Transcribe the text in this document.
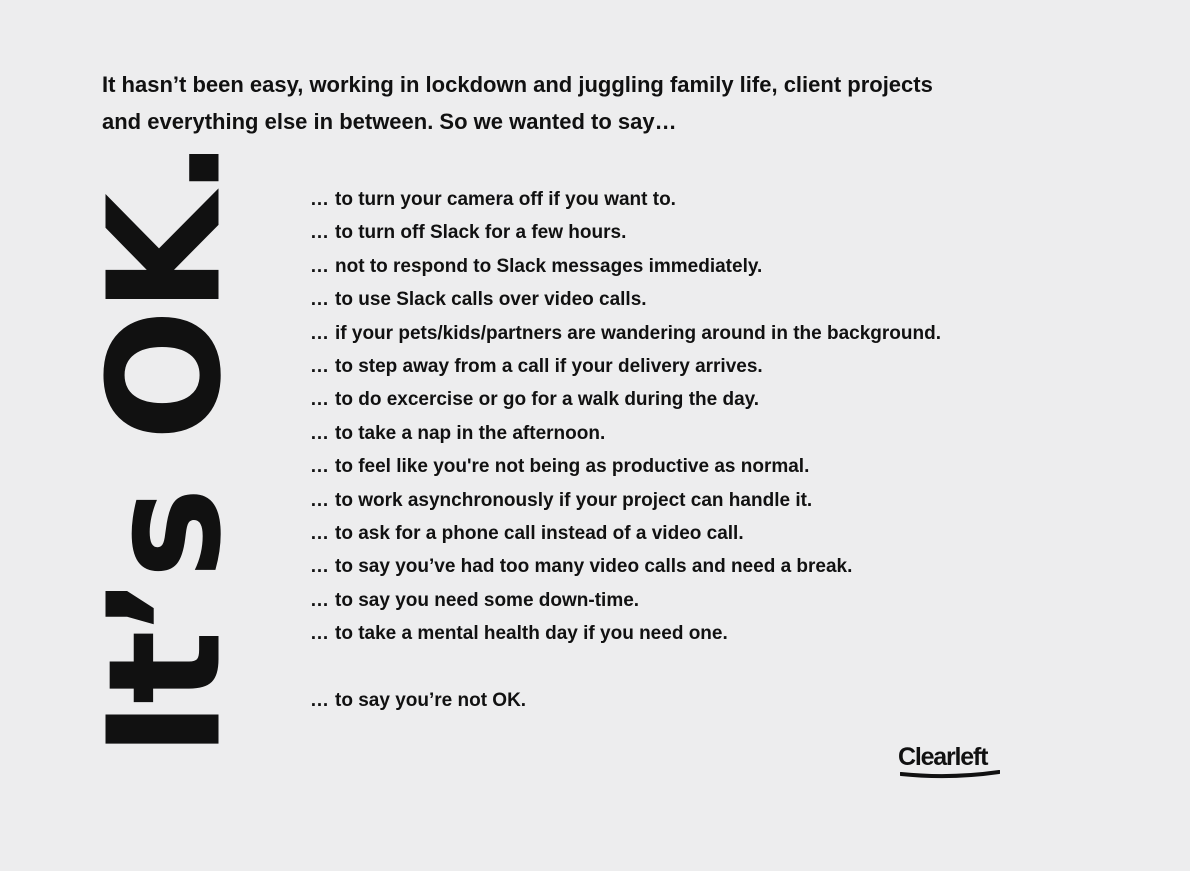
It hasn’t been easy, working in lockdown and juggling family life, client projects
and everything else in between. So we wanted to say…

It’s OK.	… to turn your camera off if you want to.
… to turn off Slack for a few hours.
… not to respond to Slack messages immediately.
… to use Slack calls over video calls.
… if your pets/kids/partners are wandering around in the background.
… to step away from a call if your delivery arrives.
… to do excercise or go for a walk during the day.
… to take a nap in the afternoon.
… to feel like you're not being as productive as normal.
… to work asynchronously if your project can handle it.
… to ask for a phone call instead of a video call.
… to say you’ve had too many video calls and need a break.
… to say you need some down-time.
… to take a mental health day if you need one.
… to say you’re not OK.
Clearleft
